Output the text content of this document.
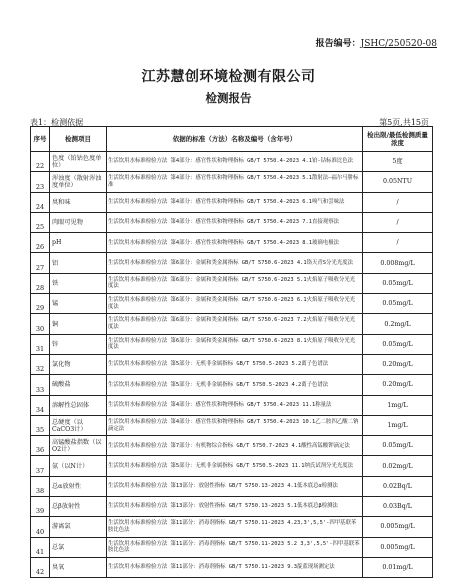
报告编号：JSHC/250520-08
江苏慧创环境检测有限公司
检测报告
表1：检测依据	第5页,共15页
序号	检测项目	依据的标准（方法）名称及编号（含年号）	检出限/最低检测质量浓度
22	色度（铂钴色度单位）	生活饮用水标准检验方法 第4部分：感官性状和物理指标 GB/T 5750.4-2023 4.1铂-钴标准比色法	5度
23	浑浊度（散射浑浊度单位）	生活饮用水标准检验方法 第4部分：感官性状和物理指标 GB/T 5750.4-2023 5.1散射法—福尔马肼标准	0.05NTU
24	臭和味	生活饮用水标准检验方法 第4部分：感官性状和物理指标 GB/T 5750.4-2023 6.1嗅气和尝味法	/
25	肉眼可见物	生活饮用水标准检验方法 第4部分：感官性状和物理指标 GB/T 5750.4-2023 7.1直接观察法	/
26	pH	生活饮用水标准检验方法 第4部分：感官性状和物理指标 GB/T 5750.4-2023 8.1玻璃电极法	/
27	铝	生活饮用水标准检验方法 第6部分：金属和类金属指标 GB/T 5750.6-2023 4.1铬天青S分光光度法	0.008mg/L
28	铁	生活饮用水标准检验方法 第6部分：金属和类金属指标 GB/T 5750.6-2023 5.1火焰原子吸收分光光度法	0.05mg/L
29	锰	生活饮用水标准检验方法 第6部分：金属和类金属指标 GB/T 5750.6-2023 6.1火焰原子吸收分光光度法	0.05mg/L
30	铜	生活饮用水标准检验方法 第6部分：金属和类金属指标 GB/T 5750.6-2023 7.2火焰原子吸收分光光度法	0.2mg/L
31	锌	生活饮用水标准检验方法 第6部分：金属和类金属指标 GB/T 5750.6-2023 8.1火焰原子吸收分光光度法	0.05mg/L
32	氯化物	生活饮用水标准检验方法 第5部分：无机非金属指标 GB/T 5750.5-2023 5.2离子色谱法	0.20mg/L
33	硫酸盐	生活饮用水标准检验方法 第5部分：无机非金属指标 GB/T 5750.5-2023 4.2离子色谱法	0.20mg/L
34	溶解性总固体	生活饮用水标准检验方法 第4部分：感官性状和物理指标 GB/T 5750.4-2023 11.1称量法	1mg/L
35	总硬度（以CaCO3计）	生活饮用水标准检验方法 第4部分：感官性状和物理指标 GB/T 5750.4-2023 10.1乙二胺四乙酸二钠滴定法	1mg/L
36	高锰酸盐指数（以O2计）	生活饮用水标准检验方法 第7部分：有机物综合指标 GB/T 5750.7-2023 4.1酸性高锰酸钾滴定法	0.05mg/L
37	氨（以N计）	生活饮用水标准检验方法 第5部分：无机非金属指标 GB/T 5750.5-2023 11.1纳氏试剂分光光度法	0.02mg/L
38	总α放射性	生活饮用水标准检验方法 第13部分：放射性指标 GB/T 5750.13-2023 4.1低本底总α检测法	0.02Bq/L
39	总β放射性	生活饮用水标准检验方法 第13部分：放射性指标 GB/T 5750.13-2023 5.1低本底总β检测法	0.03Bq/L
40	游离氯	生活饮用水标准检验方法 第11部分：消毒剂指标 GB/T 5750.11-2023 4.23,3',5,5'-四甲基联苯胺比色法	0.005mg/L
41	总氯	生活饮用水标准检验方法 第11部分：消毒剂指标 GB/T 5750.11-2023 5.2 3,3',5,5'-四甲基联苯胺比色法	0.005mg/L
42	臭氧	生活饮用水标准检验方法 第11部分：消毒剂指标 GB/T 5750.11-2023 9.3靛蓝现场测定法	0.01mg/L
